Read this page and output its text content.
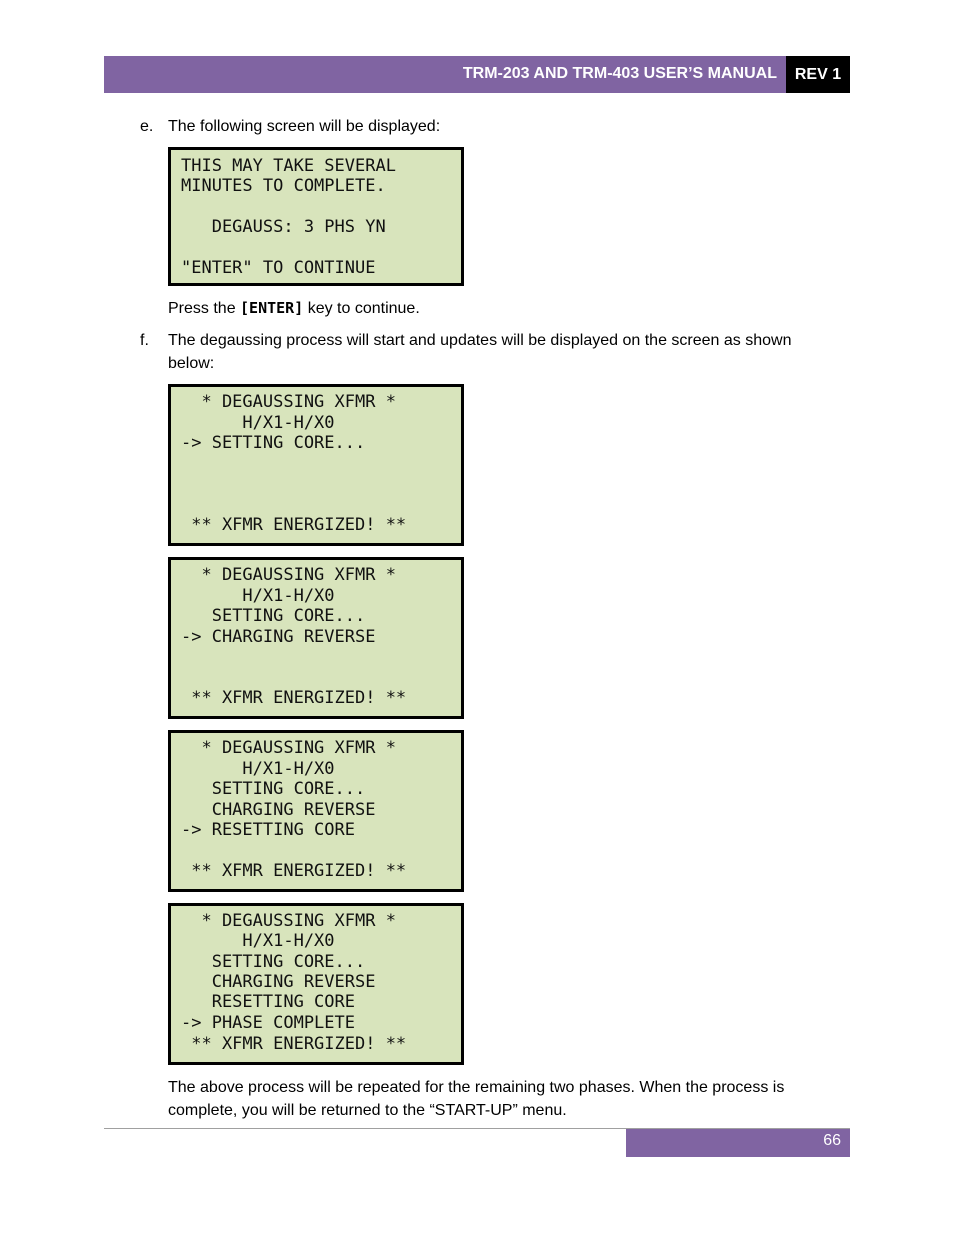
TRM-203 AND TRM-403 USER’S MANUAL	REV 1
e. The following screen will be displayed:
THIS MAY TAKE SEVERAL
MINUTES TO COMPLETE.
DEGAUSS: 3 PHS YN
"ENTER" TO CONTINUE
Press the [ENTER] key to continue.
f. The degaussing process will start and updates will be displayed on the screen as shown
below:
* DEGAUSSING XFMR *
H/X1-H/X0
-> SETTING CORE...
** XFMR ENERGIZED! **
* DEGAUSSING XFMR *
H/X1-H/X0
SETTING CORE...
-> CHARGING REVERSE
** XFMR ENERGIZED! **
* DEGAUSSING XFMR *
H/X1-H/X0
SETTING CORE...
CHARGING REVERSE
-> RESETTING CORE
** XFMR ENERGIZED! **
* DEGAUSSING XFMR *
H/X1-H/X0
SETTING CORE...
CHARGING REVERSE
RESETTING CORE
-> PHASE COMPLETE
** XFMR ENERGIZED! **
The above process will be repeated for the remaining two phases. When the process is
complete, you will be returned to the “START-UP” menu.
66
